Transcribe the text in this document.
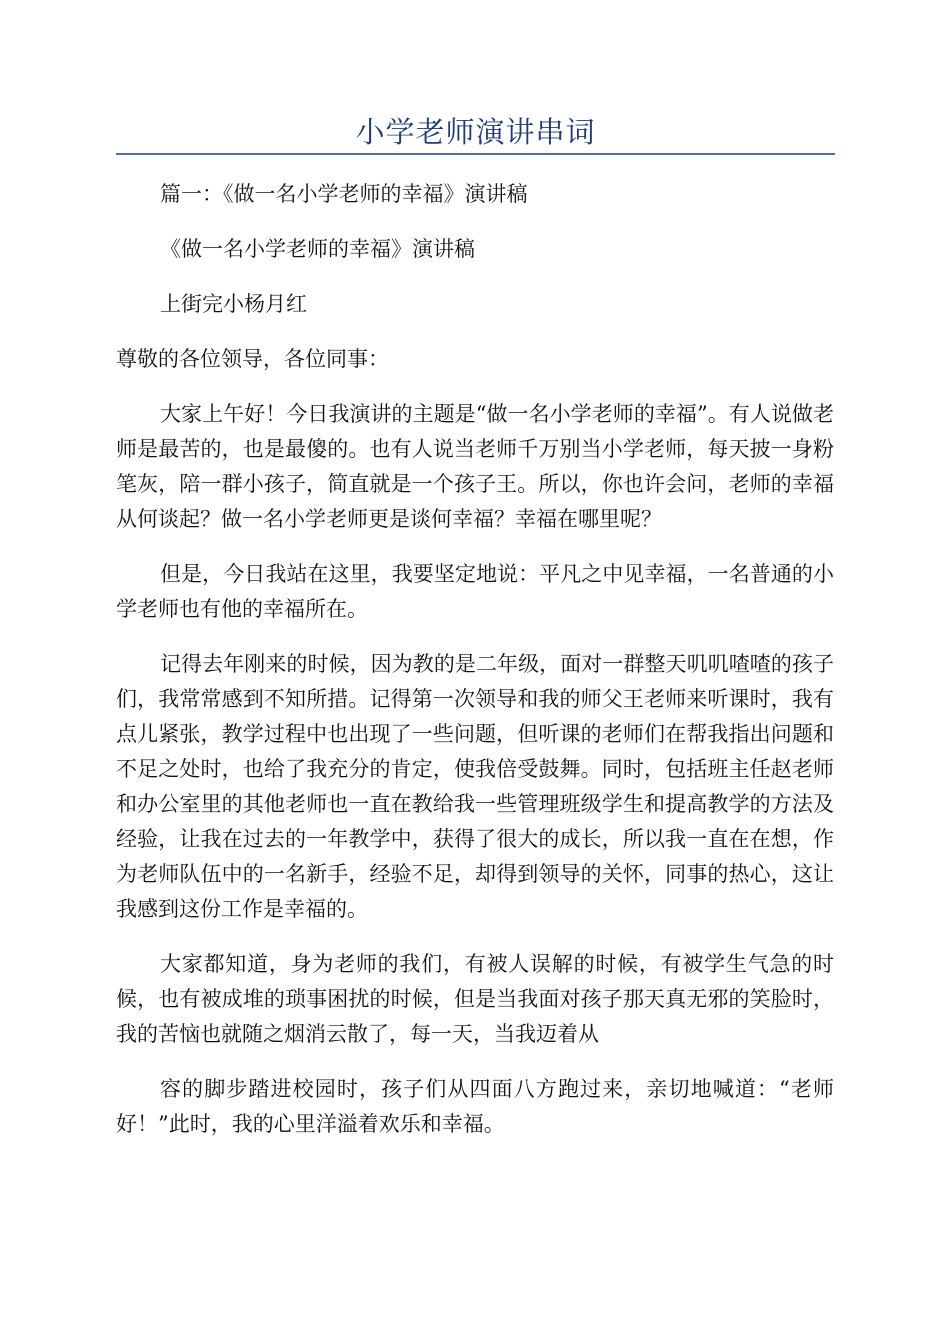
小学老师演讲串词

篇一：《做一名小学老师的幸福》演讲稿

《做一名小学老师的幸福》演讲稿

上街完小杨月红

尊敬的各位领导，各位同事：

大家上午好！今日我演讲的主题是“做一名小学老师的幸福”。有人说做老师是最苦的，也是最傻的。也有人说当老师千万别当小学老师，每天披一身粉笔灰，陪一群小孩子，简直就是一个孩子王。所以，你也许会问，老师的幸福从何谈起？做一名小学老师更是谈何幸福？幸福在哪里呢？

但是，今日我站在这里，我要坚定地说：平凡之中见幸福，一名普通的小学老师也有他的幸福所在。

记得去年刚来的时候，因为教的是二年级，面对一群整天叽叽喳喳的孩子们，我常常感到不知所措。记得第一次领导和我的师父王老师来听课时，我有点儿紧张，教学过程中也出现了一些问题，但听课的老师们在帮我指出问题和不足之处时，也给了我充分的肯定，使我倍受鼓舞。同时，包括班主任赵老师和办公室里的其他老师也一直在教给我一些管理班级学生和提高教学的方法及经验，让我在过去的一年教学中，获得了很大的成长，所以我一直在在想，作为老师队伍中的一名新手，经验不足，却得到领导的关怀，同事的热心，这让我感到这份工作是幸福的。

大家都知道，身为老师的我们，有被人误解的时候，有被学生气急的时候，也有被成堆的琐事困扰的时候，但是当我面对孩子那天真无邪的笑脸时，我的苦恼也就随之烟消云散了，每一天，当我迈着从

容的脚步踏进校园时，孩子们从四面八方跑过来，亲切地喊道：“老师好！”此时，我的心里洋溢着欢乐和幸福。
